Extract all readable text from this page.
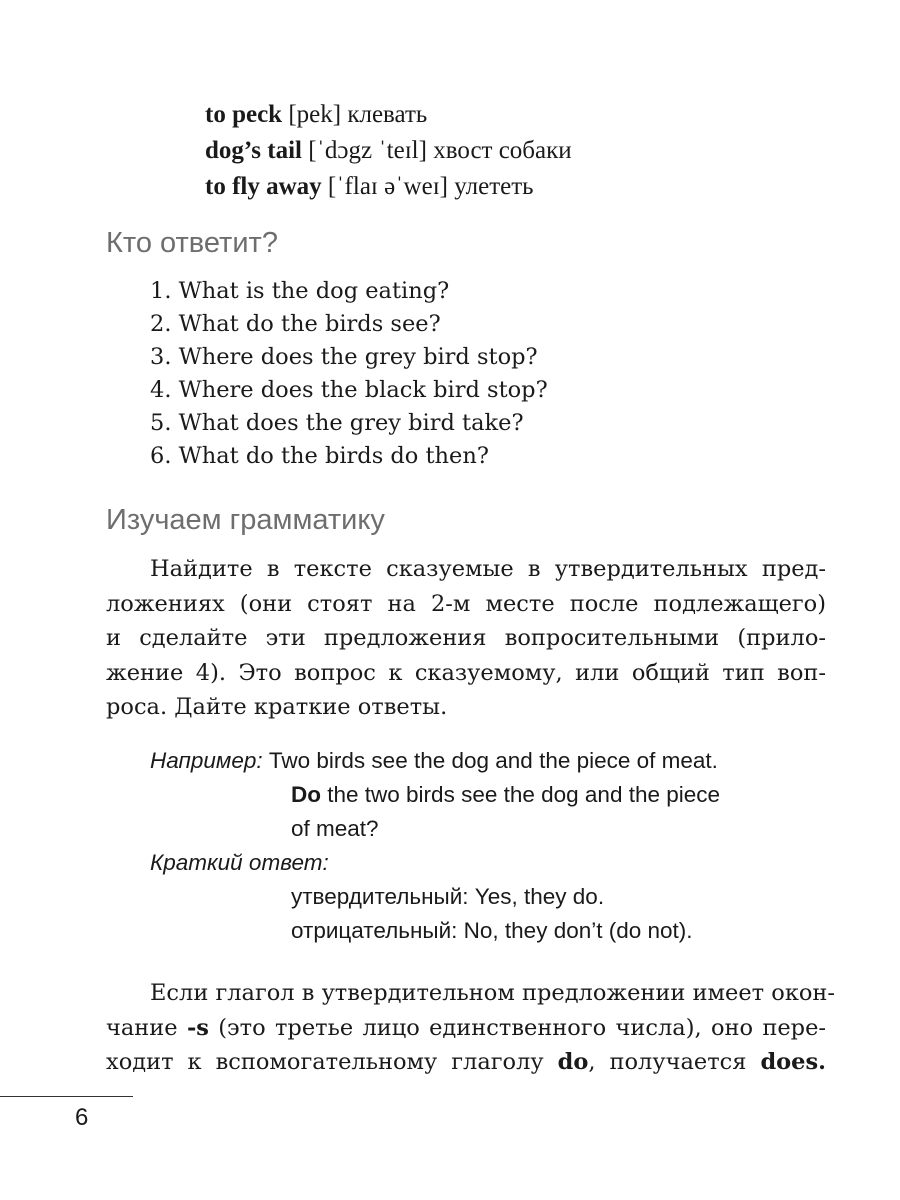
to peck [pek] клевать
dog’s tail [ˈdɔgz ˈteɪl] хвост собаки
to fly away [ˈflaɪ əˈweɪ] улететь
Кто ответит?
1. What is the dog eating?
2. What do the birds see?
3. Where does the grey bird stop?
4. Where does the black bird stop?
5. What does the grey bird take?
6. What do the birds do then?
Изучаем грамматику
Найдите в тексте сказуемые в утвердительных пред-
ложениях (они стоят на 2-м месте после подлежащего)
и сделайте эти предложения вопросительными (прило-
жение 4). Это вопрос к сказуемому, или общий тип воп-
роса. Дайте краткие ответы.
Например: Two birds see the dog and the piece of meat.
Do the two birds see the dog and the piece
of meat?
Краткий ответ:
утвердительный: Yes, they do.
отрицательный: No, they don’t (do not).
Если глагол в утвердительном предложении имеет окон-
чание -s (это третье лицо единственного числа), оно пере-
ходит к вспомогательному глаголу do, получается does.
6
